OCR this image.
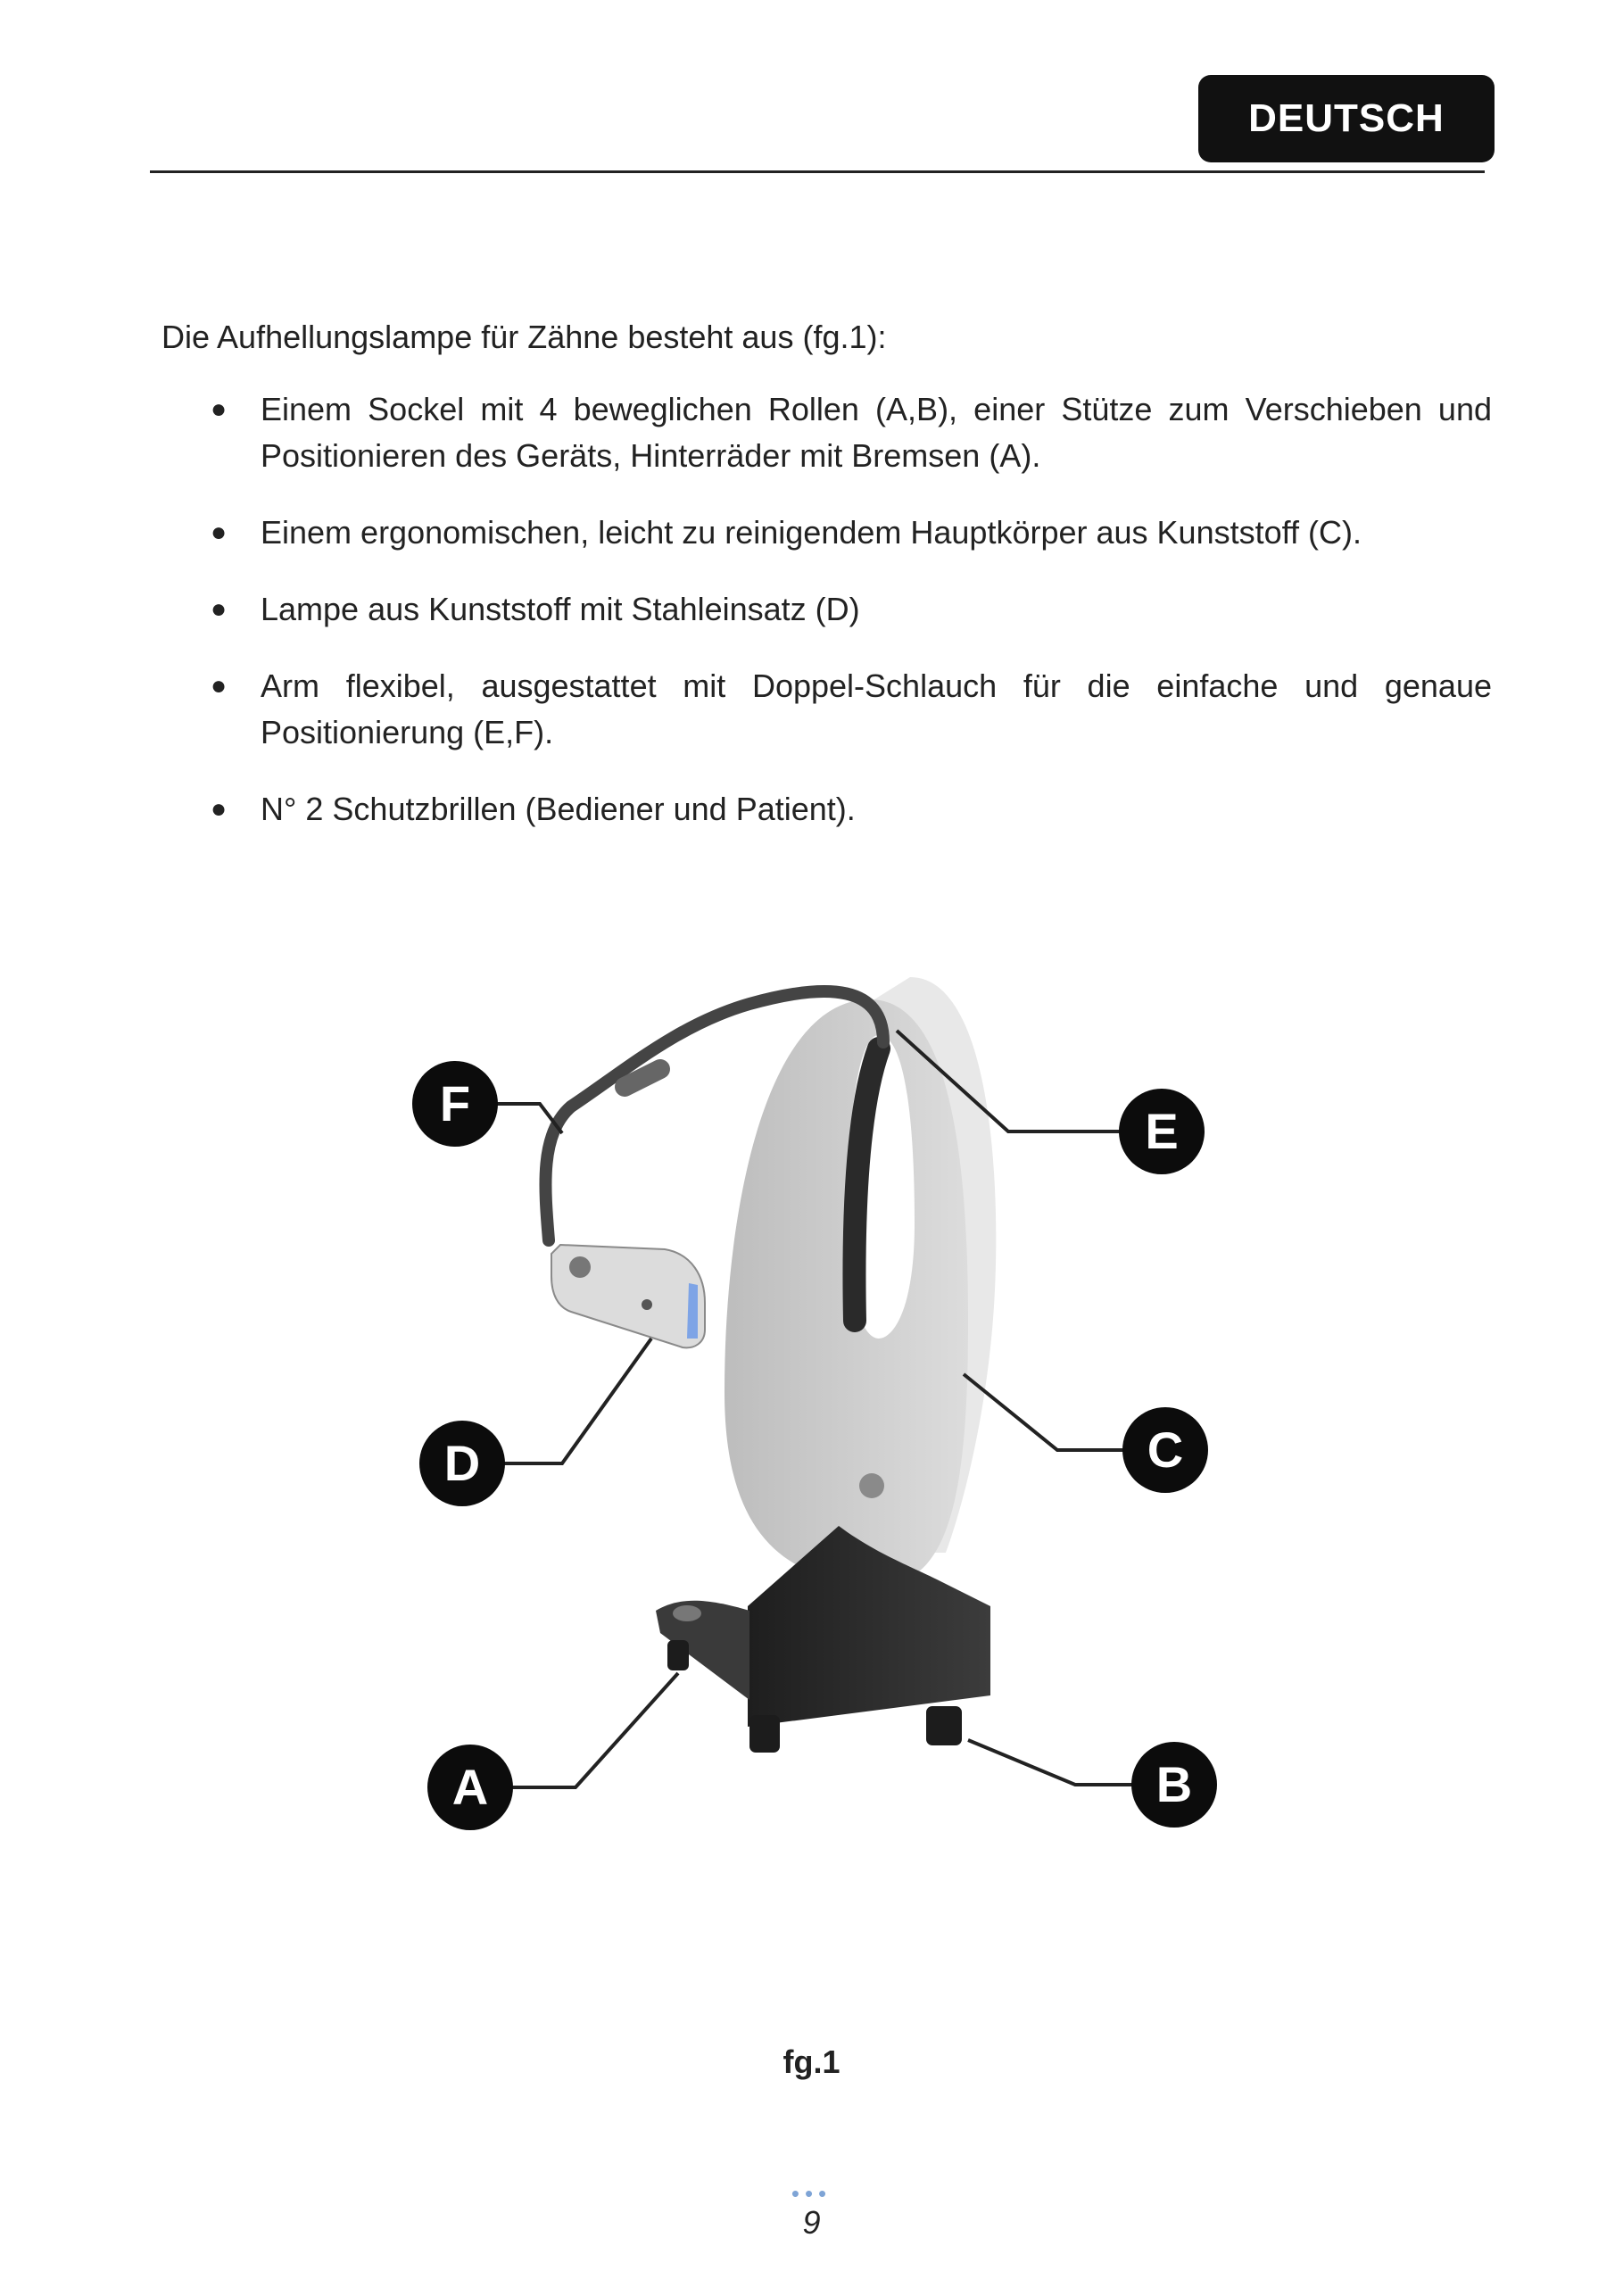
DEUTSCH

Die Aufhellungslampe für Zähne besteht aus (fg.1):

● Einem Sockel mit 4 beweglichen Rollen (A,B), einer Stütze zum Verschieben und Positionieren des Geräts, Hinterräder mit Bremsen (A).
● Einem ergonomischen, leicht zu reinigendem Hauptkörper aus Kunststoff (C).
● Lampe aus Kunststoff mit Stahleinsatz (D)
● Arm flexibel, ausgestattet mit Doppel-Schlauch für die einfache und genaue Positionierung (E,F).
● N° 2 Schutzbrillen (Bediener und Patient).
F	E
D	C
A	B
fg.1
•••
9
